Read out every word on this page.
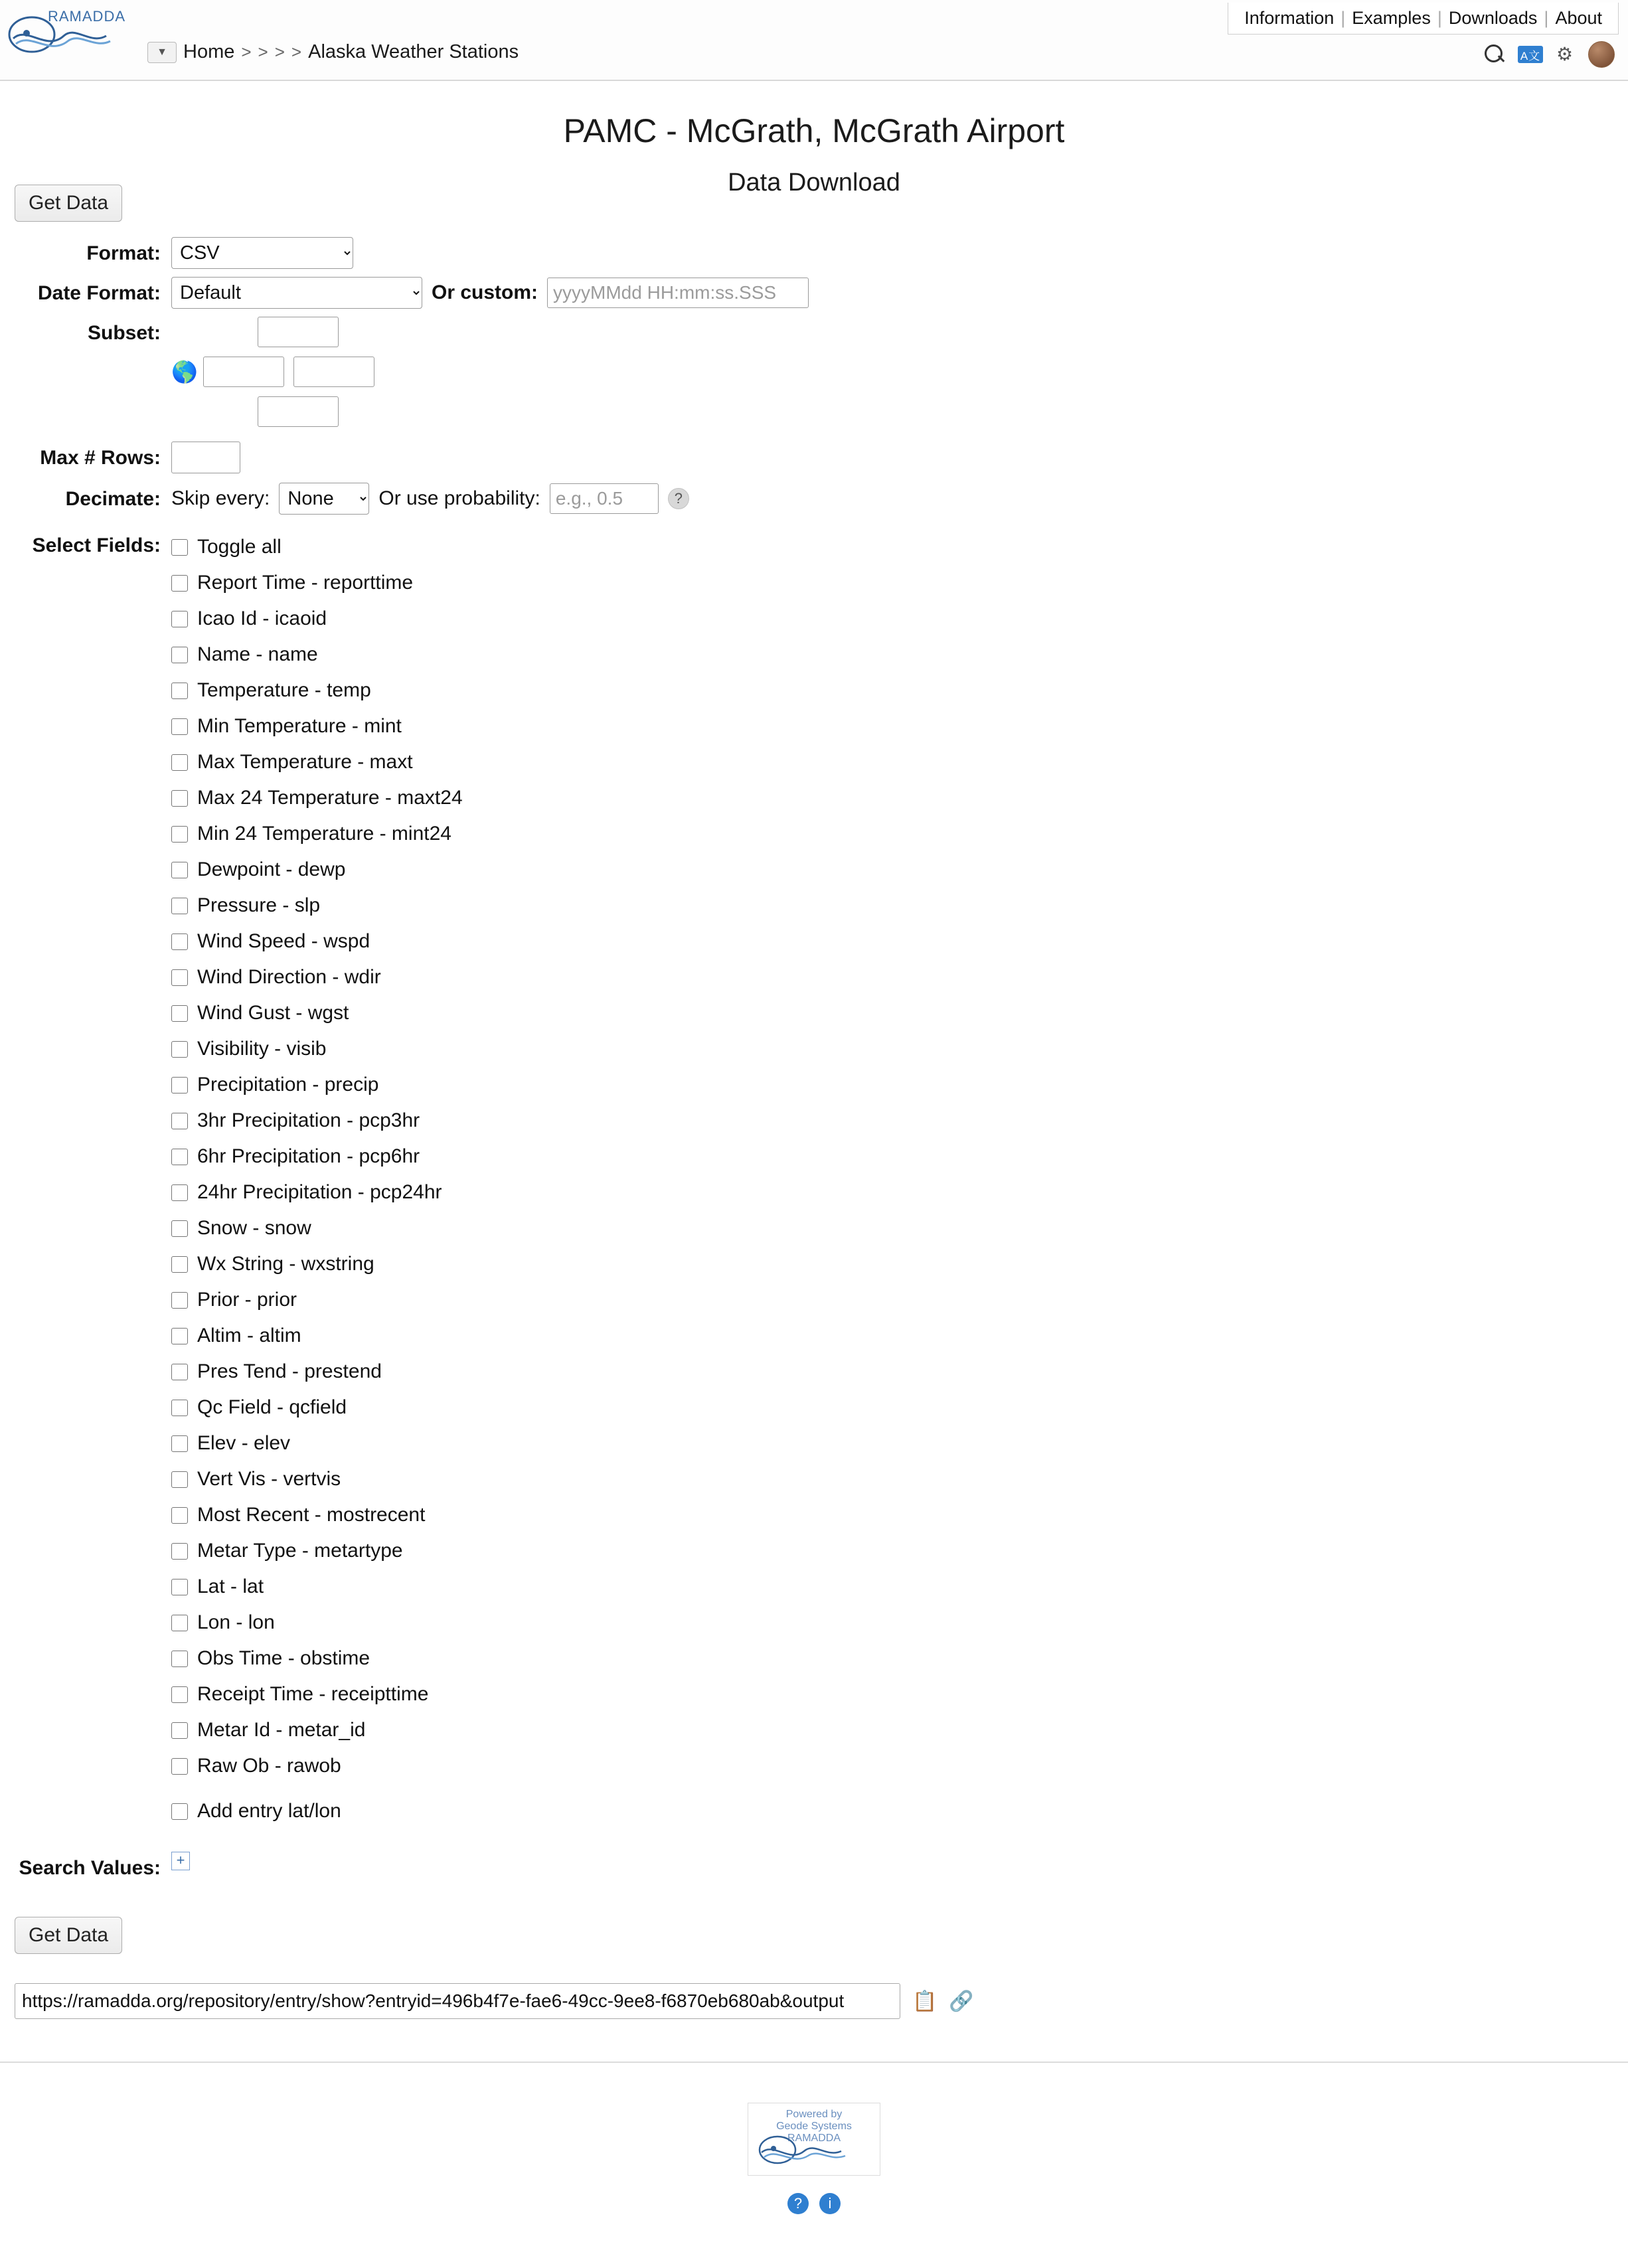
RAMADDA
▼ Home > > > > Alaska Weather Stations
Information | Examples | Downloads | About
A文 ⚙
PAMC - McGrath, McGrath Airport
Data Download
Get Data
Format:
CSV
Date Format:
Default	Or custom:
yyyyMMdd HH:mm:ss.SSS
Subset:
🌎
Max # Rows:
Decimate: Skip every:
None	Or use probability:
e.g., 0.5	?
Select Fields:	Toggle all
Report Time - reporttime
Icao Id - icaoid
Name - name
Temperature - temp
Min Temperature - mint
Max Temperature - maxt
Max 24 Temperature - maxt24
Min 24 Temperature - mint24
Dewpoint - dewp
Pressure - slp
Wind Speed - wspd
Wind Direction - wdir
Wind Gust - wgst
Visibility - visib
Precipitation - precip
3hr Precipitation - pcp3hr
6hr Precipitation - pcp6hr
24hr Precipitation - pcp24hr
Snow - snow
Wx String - wxstring
Prior - prior
Altim - altim
Pres Tend - prestend
Qc Field - qcfield
Elev - elev
Vert Vis - vertvis
Most Recent - mostrecent
Metar Type - metartype
Lat - lat
Lon - lon
Obs Time - obstime
Receipt Time - receipttime
Metar Id - metar_id
Raw Ob - rawob
Add entry lat/lon
Search Values:	+
Get Data
https://ramadda.org/repository/entry/show?entryid=496b4f7e-fae6-49cc-9ee8-f6870eb680ab&output	📋 🔗
Powered by
Geode Systems
RAMADDA
?	i
